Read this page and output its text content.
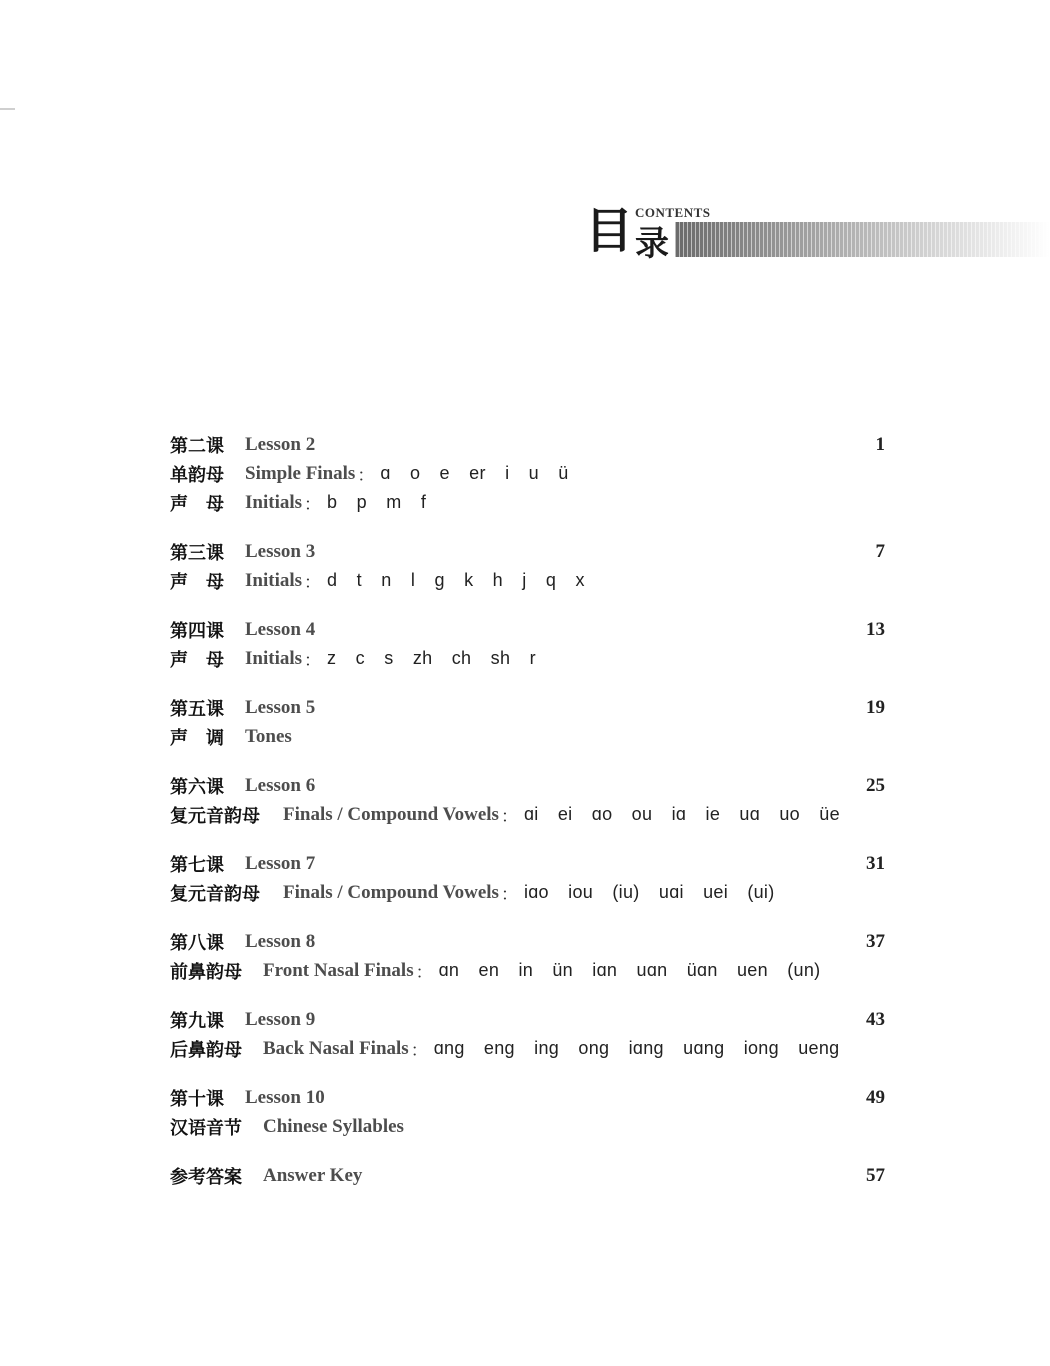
目 CONTENTS
录
第二课	Lesson 2	1
单韵母	Simple Finals ： ɑ o e er i u ü
声　母	Initials ： b p m f
第三课	Lesson 3	7
声　母	Initials ： d t n l g k h j q x
第四课	Lesson 4	13
声　母	Initials ： z c s zh ch sh r
第五课	Lesson 5	19
声　调	Tones
第六课	Lesson 6	25
复元音韵母	Finals / Compound Vowels ： ɑi ei ɑo ou iɑ ie uɑ uo üe
第七课	Lesson 7	31
复元音韵母	Finals / Compound Vowels ： iɑo iou (iu) uɑi uei (ui)
第八课	Lesson 8	37
前鼻韵母	Front Nasal Finals ： ɑn en in ün iɑn uɑn üɑn uen (un)
第九课	Lesson 9	43
后鼻韵母	Back Nasal Finals ： ɑng eng ing ong iɑng uɑng iong ueng
第十课	Lesson 10	49
汉语音节	Chinese Syllables
参考答案	Answer Key	57
